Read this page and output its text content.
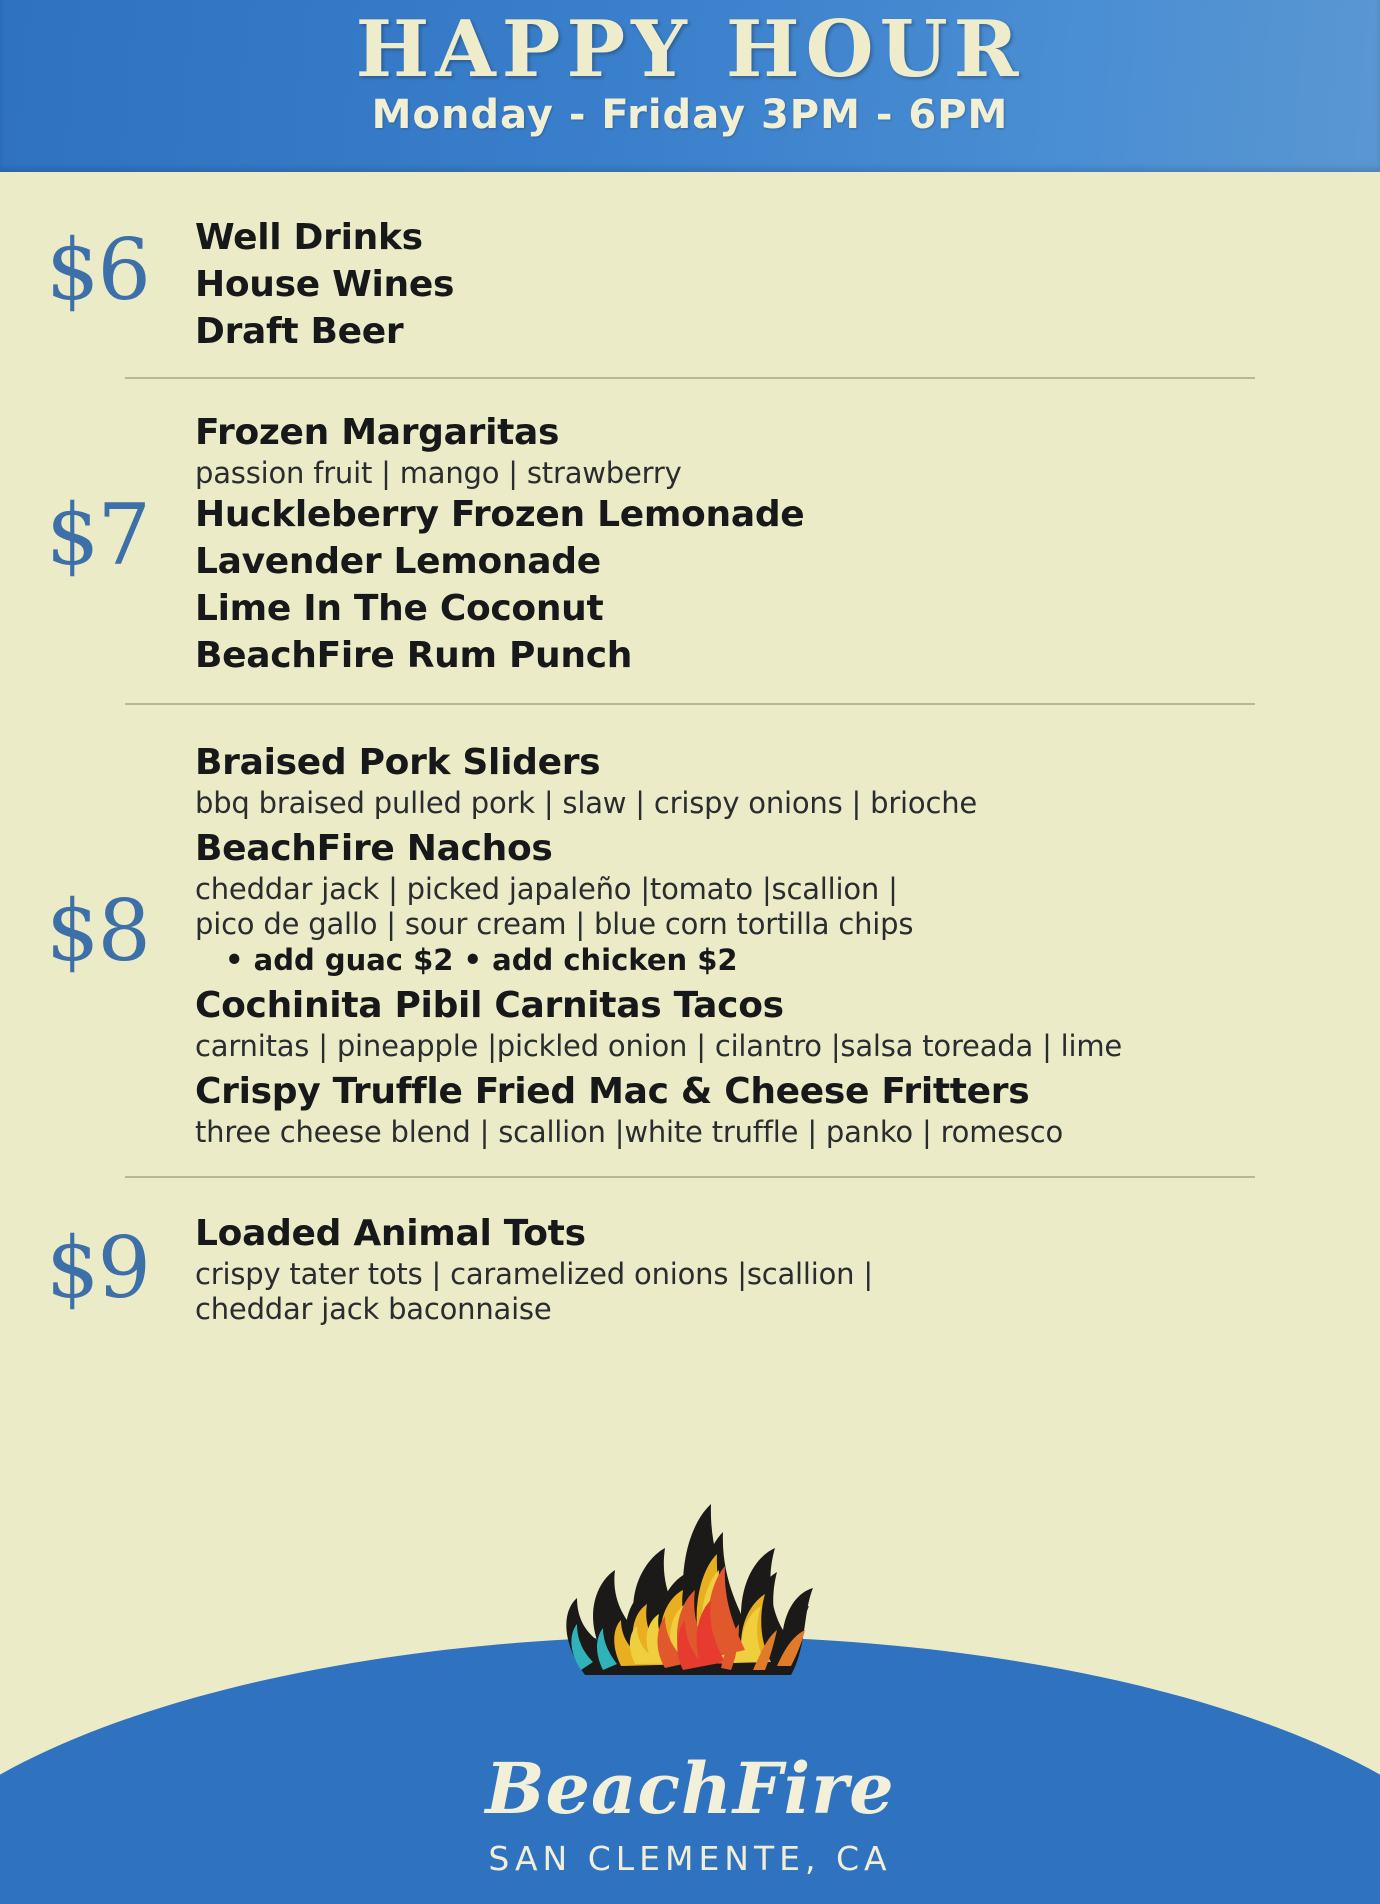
HAPPY HOUR
Monday - Friday 3PM - 6PM
$6	Well Drinks
House Wines
Draft Beer
$7
Frozen Margaritas
passion fruit | mango | strawberry
Huckleberry Frozen Lemonade
Lavender Lemonade
Lime In The Coconut
BeachFire Rum Punch
$8
Braised Pork Sliders
bbq braised pulled pork | slaw | crispy onions | brioche
BeachFire Nachos
cheddar jack | picked japaleño |tomato |scallion |
pico de gallo | sour cream | blue corn tortilla chips
• add guac $2 • add chicken $2
Cochinita Pibil Carnitas Tacos
carnitas | pineapple |pickled onion | cilantro |salsa toreada | lime
Crispy Truffle Fried Mac & Cheese Fritters
three cheese blend | scallion |white truffle | panko | romesco
$9	Loaded Animal Tots
crispy tater tots | caramelized onions |scallion |
cheddar jack baconnaise
BeachFire
SAN CLEMENTE, CA
